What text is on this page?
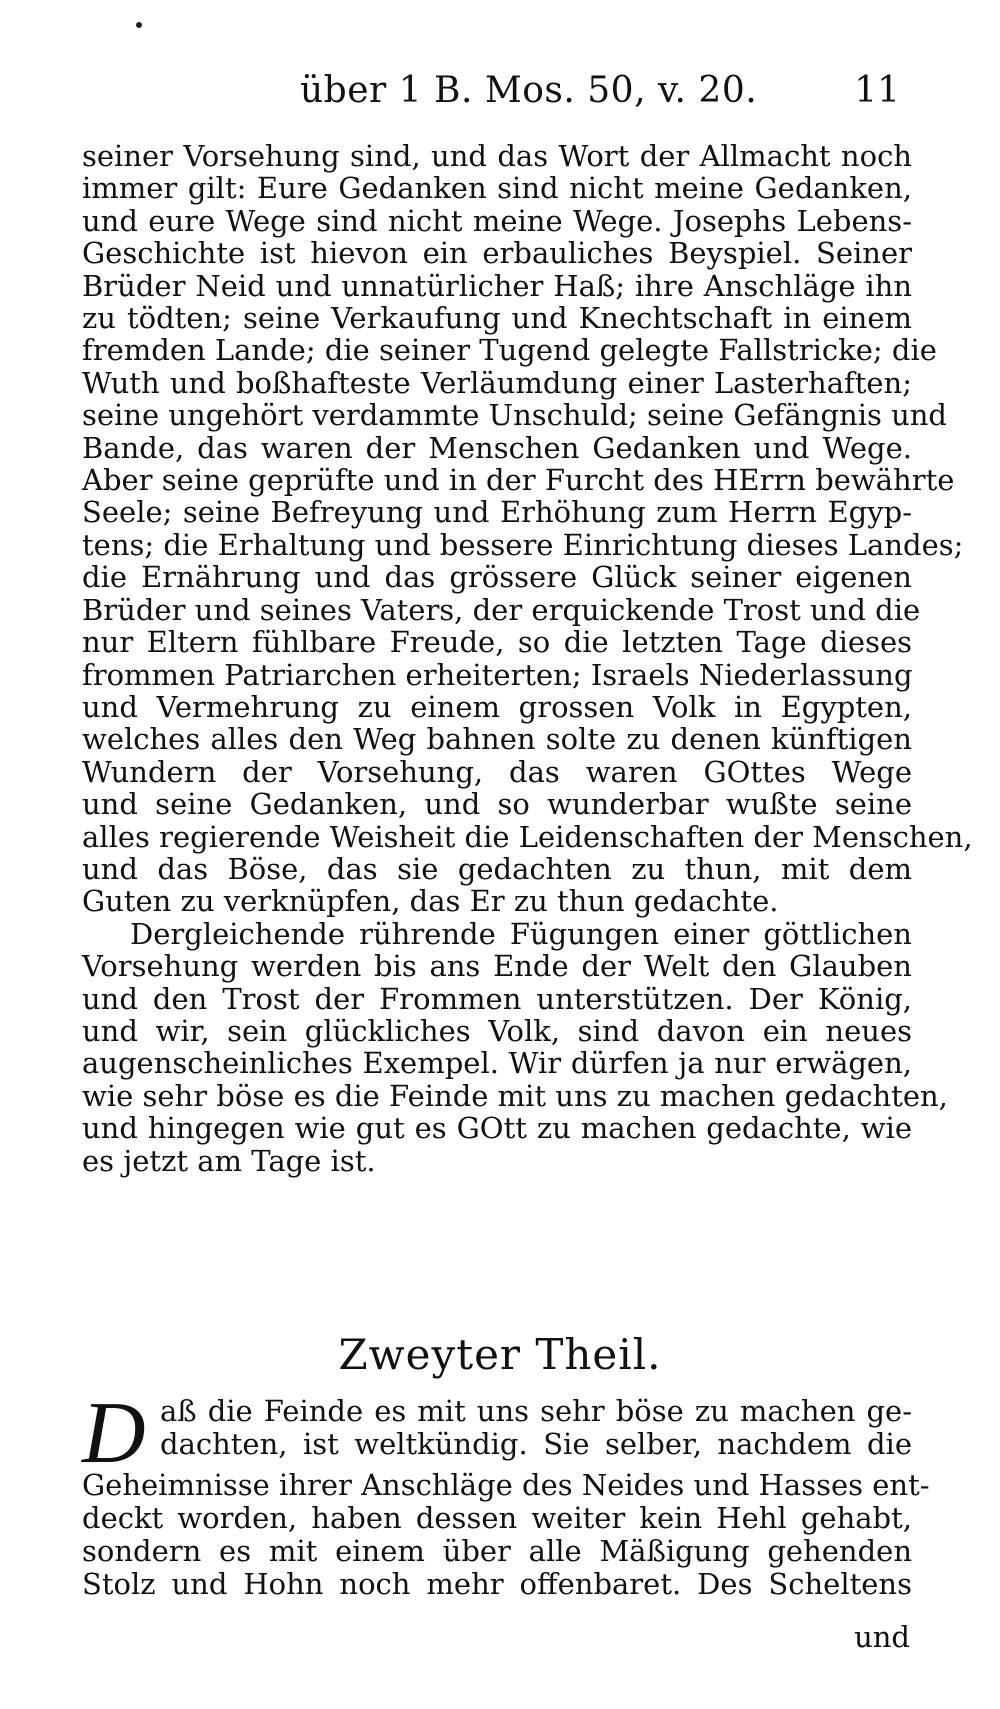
über 1 B. Mos. 50, v. 20.	11

seiner Vorsehung sind, und das Wort der Allmacht noch
immer gilt: Eure Gedanken sind nicht meine Gedanken,
und eure Wege sind nicht meine Wege. Josephs Lebens-
Geschichte ist hievon ein erbauliches Beyspiel. Seiner
Brüder Neid und unnatürlicher Haß; ihre Anschläge ihn
zu tödten; seine Verkaufung und Knechtschaft in einem
fremden Lande; die seiner Tugend gelegte Fallstricke; die
Wuth und boßhafteste Verläumdung einer Lasterhaften;
seine ungehört verdammte Unschuld; seine Gefängnis und
Bande, das waren der Menschen Gedanken und Wege.
Aber seine geprüfte und in der Furcht des HErrn bewährte
Seele; seine Befreyung und Erhöhung zum Herrn Egyp-
tens; die Erhaltung und bessere Einrichtung dieses Landes;
die Ernährung und das grössere Glück seiner eigenen
Brüder und seines Vaters, der erquickende Trost und die
nur Eltern fühlbare Freude, so die letzten Tage dieses
frommen Patriarchen erheiterten; Israels Niederlassung
und Vermehrung zu einem grossen Volk in Egypten,
welches alles den Weg bahnen solte zu denen künftigen
Wundern der Vorsehung, das waren GOttes Wege
und seine Gedanken, und so wunderbar wußte seine
alles regierende Weisheit die Leidenschaften der Menschen,
und das Böse, das sie gedachten zu thun, mit dem
Guten zu verknüpfen, das Er zu thun gedachte.

Dergleichende rührende Fügungen einer göttlichen
Vorsehung werden bis ans Ende der Welt den Glauben
und den Trost der Frommen unterstützen. Der König,
und wir, sein glückliches Volk, sind davon ein neues
augenscheinliches Exempel. Wir dürfen ja nur erwägen,
wie sehr böse es die Feinde mit uns zu machen gedachten,
und hingegen wie gut es GOtt zu machen gedachte, wie
es jetzt am Tage ist.

Zweyter Theil.
D aß die Feinde es mit uns sehr böse zu machen ge-
dachten, ist weltkündig. Sie selber, nachdem die
Geheimnisse ihrer Anschläge des Neides und Hasses ent-
deckt worden, haben dessen weiter kein Hehl gehabt,
sondern es mit einem über alle Mäßigung gehenden
Stolz und Hohn noch mehr offenbaret. Des Scheltens
und
